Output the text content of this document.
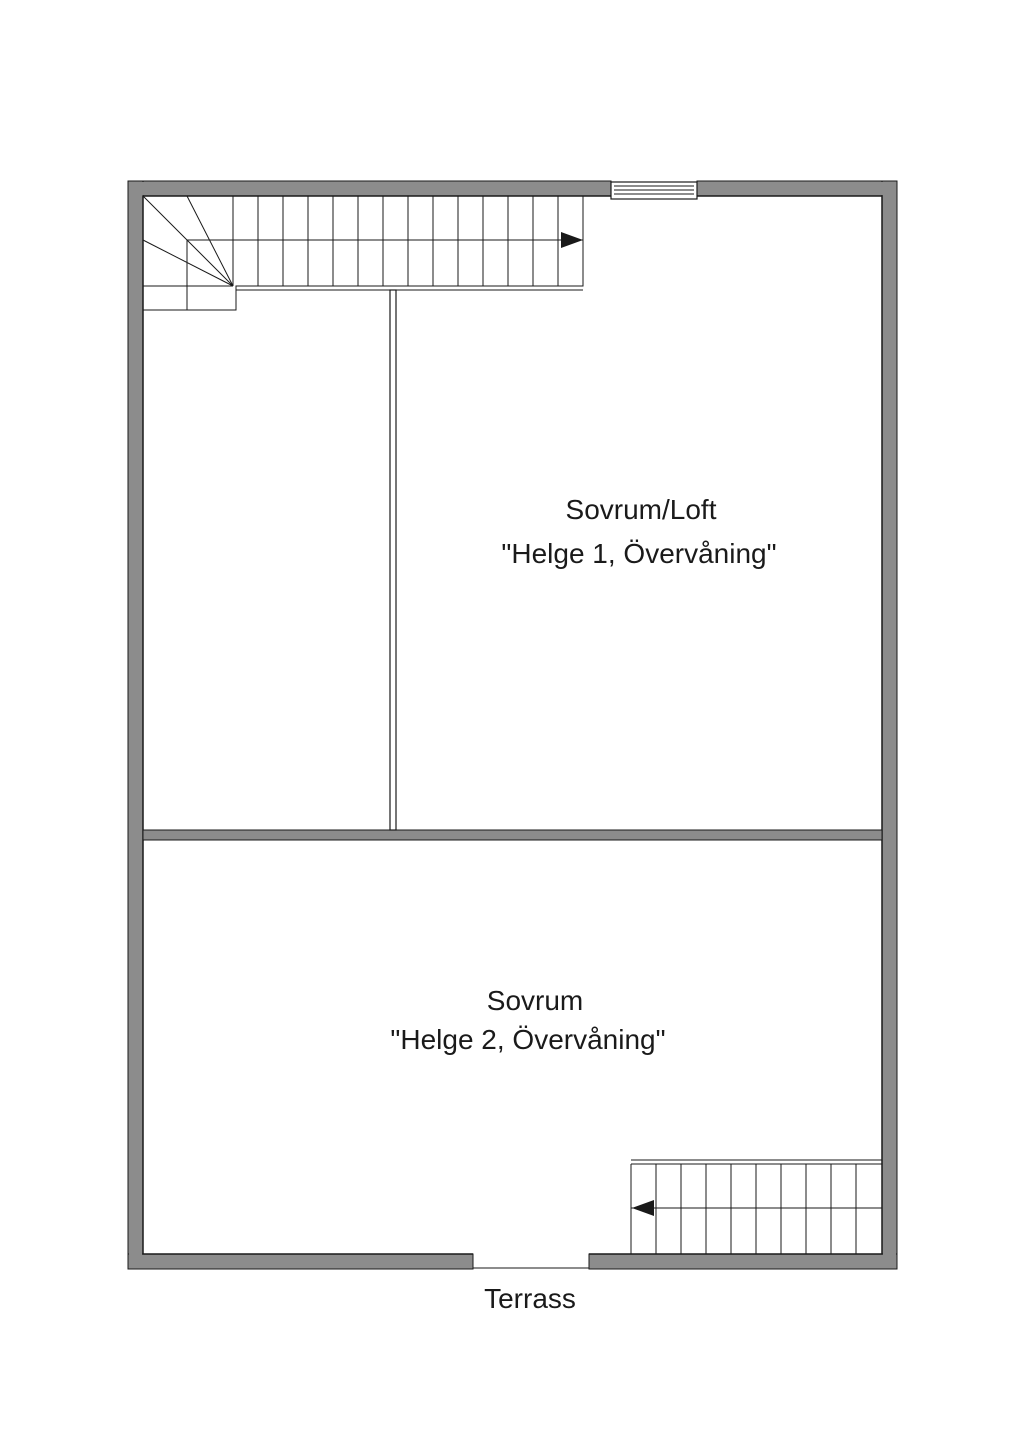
Sovrum/Loft
"Helge 1, Övervåning"
Sovrum
"Helge 2, Övervåning"
Terrass
